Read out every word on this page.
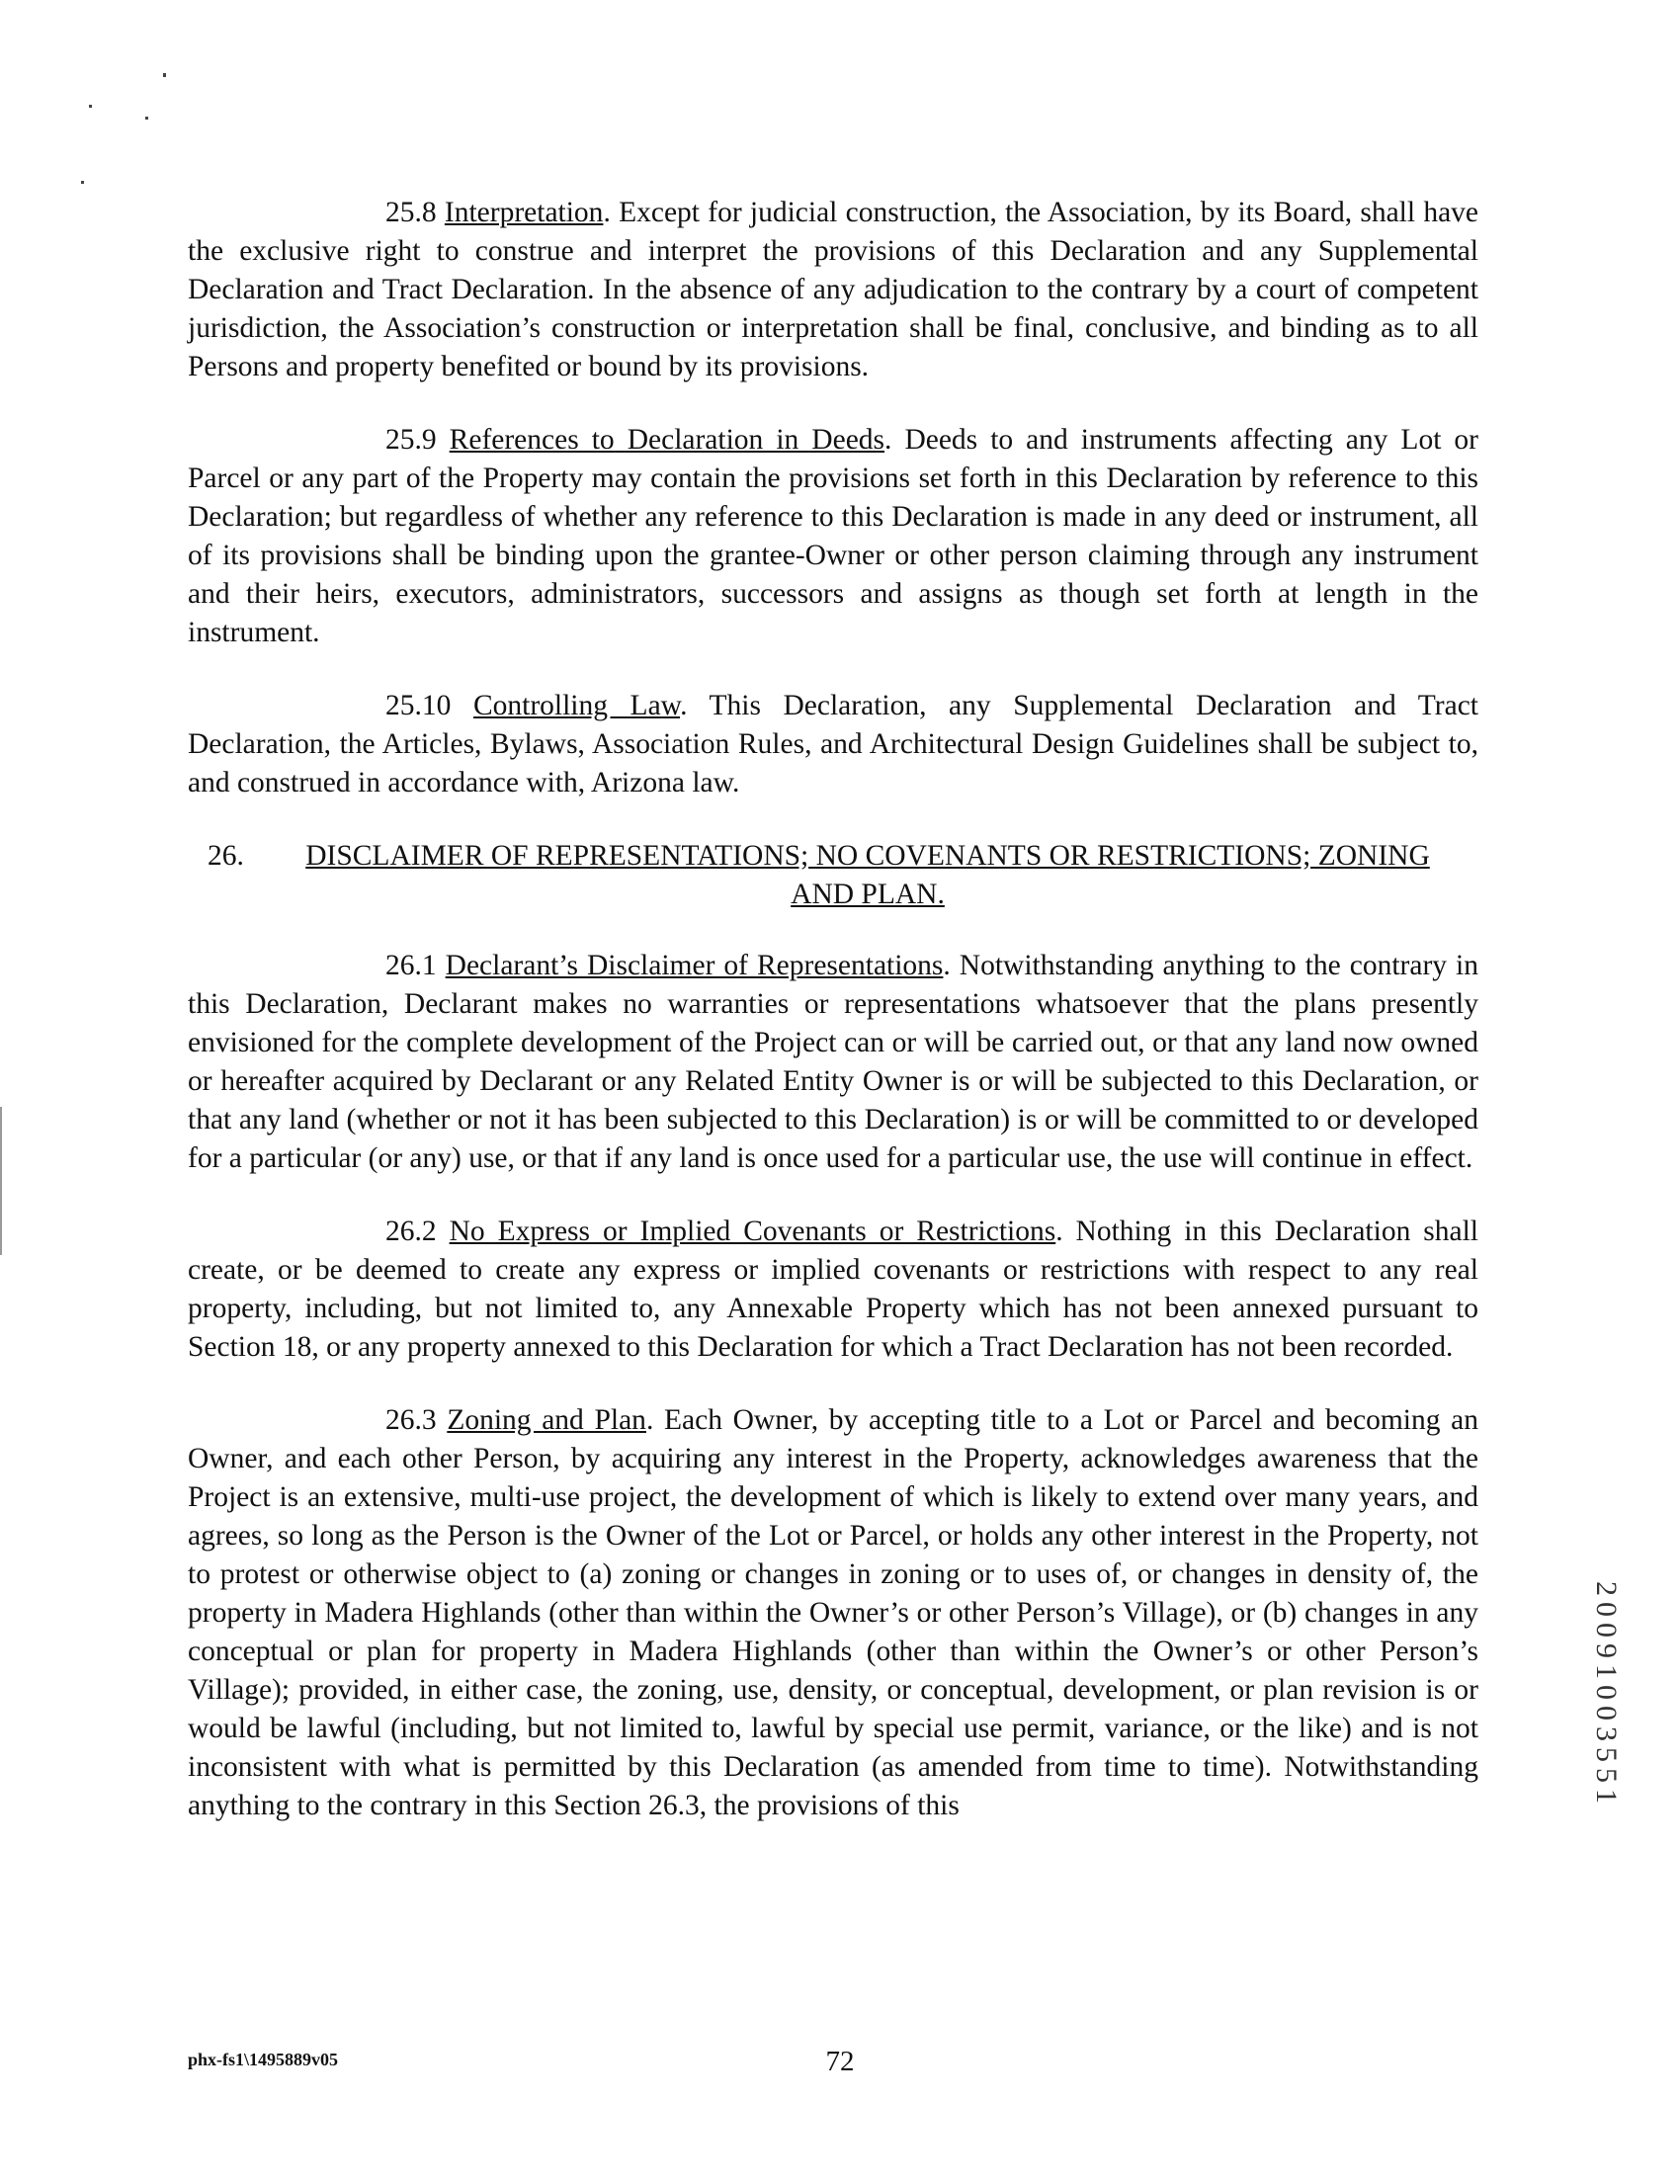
25.8 Interpretation. Except for judicial construction, the Association, by its Board, shall have the exclusive right to construe and interpret the provisions of this Declaration and any Supplemental Declaration and Tract Declaration. In the absence of any adjudication to the contrary by a court of competent jurisdiction, the Association’s construction or interpretation shall be final, conclusive, and binding as to all Persons and property benefited or bound by its provisions.

25.9 References to Declaration in Deeds. Deeds to and instruments affecting any Lot or Parcel or any part of the Property may contain the provisions set forth in this Declaration by reference to this Declaration; but regardless of whether any reference to this Declaration is made in any deed or instrument, all of its provisions shall be binding upon the grantee-Owner or other person claiming through any instrument and their heirs, executors, administrators, successors and assigns as though set forth at length in the instrument.

25.10 Controlling Law. This Declaration, any Supplemental Declaration and Tract Declaration, the Articles, Bylaws, Association Rules, and Architectural Design Guidelines shall be subject to, and construed in accordance with, Arizona law.

26. DISCLAIMER OF REPRESENTATIONS; NO COVENANTS OR RESTRICTIONS; ZONING AND PLAN.

26.1 Declarant’s Disclaimer of Representations. Notwithstanding anything to the contrary in this Declaration, Declarant makes no warranties or representations whatsoever that the plans presently envisioned for the complete development of the Project can or will be carried out, or that any land now owned or hereafter acquired by Declarant or any Related Entity Owner is or will be subjected to this Declaration, or that any land (whether or not it has been subjected to this Declaration) is or will be committed to or developed for a particular (or any) use, or that if any land is once used for a particular use, the use will continue in effect.

26.2 No Express or Implied Covenants or Restrictions. Nothing in this Declaration shall create, or be deemed to create any express or implied covenants or restrictions with respect to any real property, including, but not limited to, any Annexable Property which has not been annexed pursuant to Section 18, or any property annexed to this Declaration for which a Tract Declaration has not been recorded.

26.3 Zoning and Plan. Each Owner, by accepting title to a Lot or Parcel and becoming an Owner, and each other Person, by acquiring any interest in the Property, acknowledges awareness that the Project is an extensive, multi-use project, the development of which is likely to extend over many years, and agrees, so long as the Person is the Owner of the Lot or Parcel, or holds any other interest in the Property, not to protest or otherwise object to (a) zoning or changes in zoning or to uses of, or changes in density of, the property in Madera Highlands (other than within the Owner’s or other Person’s Village), or (b) changes in any conceptual or plan for property in Madera Highlands (other than within the Owner’s or other Person’s Village); provided, in either case, the zoning, use, density, or conceptual, development, or plan revision is or would be lawful (including, but not limited to, lawful by special use permit, variance, or the like) and is not inconsistent with what is permitted by this Declaration (as amended from time to time). Notwithstanding anything to the contrary in this Section 26.3, the provisions of this	20091003551
phx-fs1\1495889v05	72
